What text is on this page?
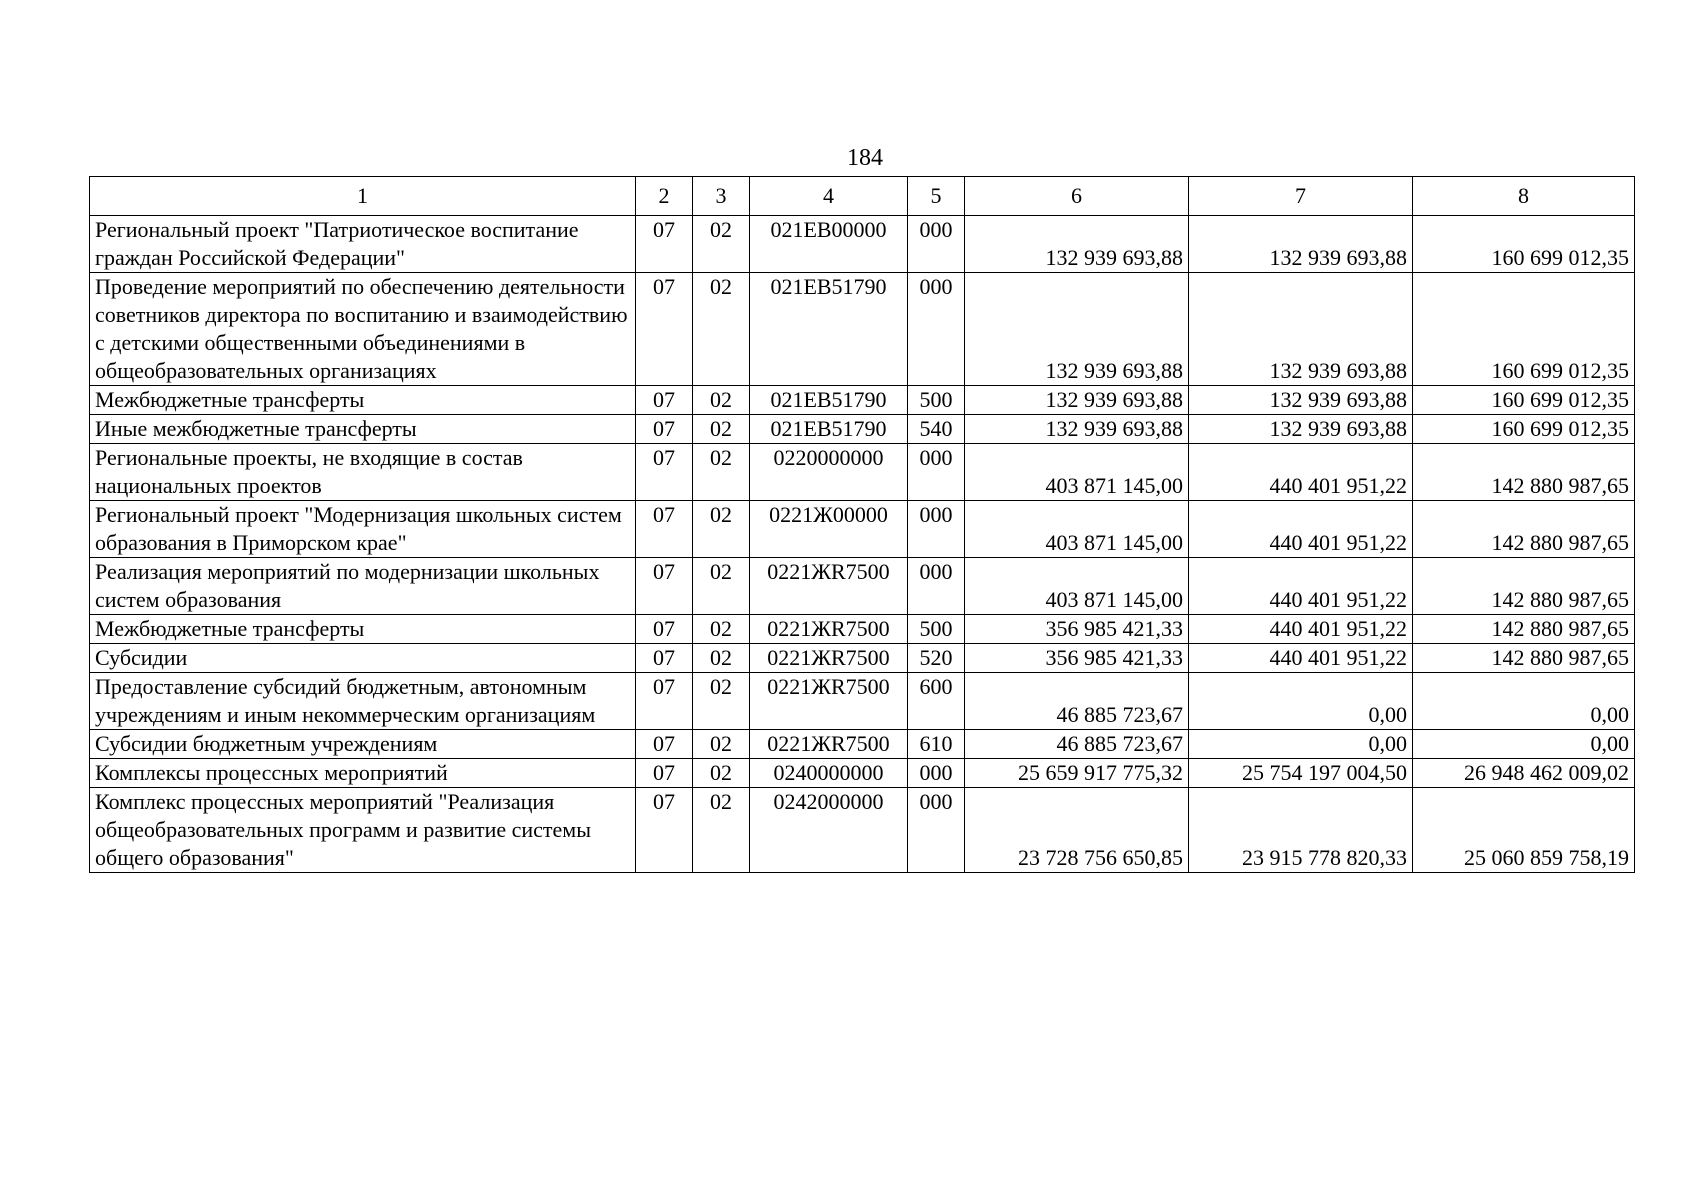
184
1	2	3	4	5	6	7	8
Региональный проект "Патриотическое воспитание граждан Российской Федерации"	07	02	021EB00000	000	132 939 693,88	132 939 693,88	160 699 012,35

Проведение мероприятий по обеспечению деятельности советников директора по воспитанию и взаимодействию с детскими общественными объединениями в общеобразовательных организациях	07	02	021EB51790	000	132 939 693,88	132 939 693,88	160 699 012,35

Межбюджетные трансферты	07	02	021EB51790	500	132 939 693,88	132 939 693,88	160 699 012,35

Иные межбюджетные трансферты	07	02	021EB51790	540	132 939 693,88	132 939 693,88	160 699 012,35

Региональные проекты, не входящие в состав национальных проектов	07	02	0220000000	000	403 871 145,00	440 401 951,22	142 880 987,65

Региональный проект "Модернизация школьных систем образования в Приморском крае"	07	02	0221Ж00000	000	403 871 145,00	440 401 951,22	142 880 987,65

Реализация мероприятий по модернизации школьных систем образования	07	02	0221ЖR7500	000	403 871 145,00	440 401 951,22	142 880 987,65

Межбюджетные трансферты	07	02	0221ЖR7500	500	356 985 421,33	440 401 951,22	142 880 987,65

Субсидии	07	02	0221ЖR7500	520	356 985 421,33	440 401 951,22	142 880 987,65

Предоставление субсидий бюджетным, автономным учреждениям и иным некоммерческим организациям	07	02	0221ЖR7500	600	46 885 723,67	0,00	0,00

Субсидии бюджетным учреждениям	07	02	0221ЖR7500	610	46 885 723,67	0,00	0,00

Комплексы процессных мероприятий	07	02	0240000000	000	25 659 917 775,32	25 754 197 004,50	26 948 462 009,02

Комплекс процессных мероприятий "Реализация общеобразовательных программ и развитие системы общего образования"	07	02	0242000000	000	23 728 756 650,85	23 915 778 820,33	25 060 859 758,19
